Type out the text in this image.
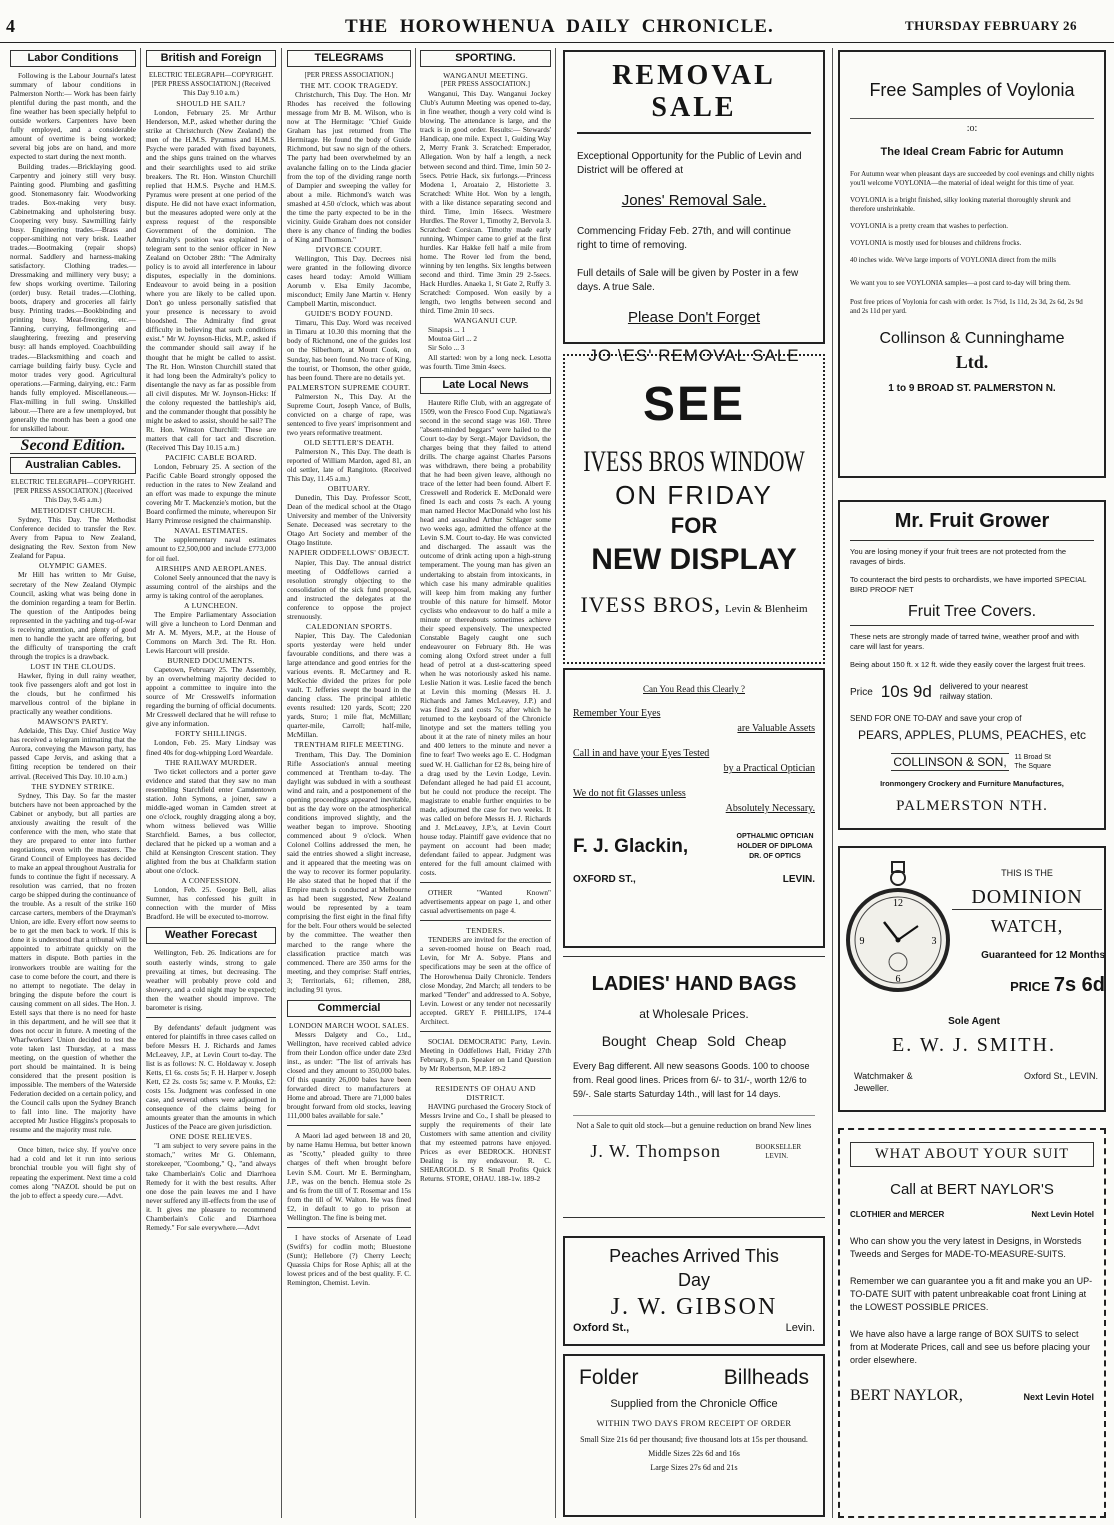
4	THE HOROWHENUA DAILY CHRONICLE.	THURSDAY FEBRUARY 26
Labor Conditions

Following is the Labour Journal's latest summary of labour conditions in Palmerston North:— Work has been fairly plentiful during the past month, and the fine weather has been specially helpful to outside workers. Carpenters have been fully employed, and a considerable amount of overtime is being worked; several big jobs are on hand, and more expected to start during the next month.

Building trades.—Bricklaying good. Carpentry and joinery still very busy. Painting good. Plumbing and gasfitting good. Stonemasonry fair. Woodworking trades. Box-making very busy. Cabinetmaking and upholstering busy. Coopering very busy. Sawmilling fairly busy. Engineering trades.—Brass and copper-smithing not very brisk. Leather trades.—Bootmaking (repair shops) normal. Saddlery and harness-making satisfactory. Clothing trades.—Dressmaking and millinery very busy; a few shops working overtime. Tailoring (order) busy. Retail trades.—Clothing, boots, drapery and groceries all fairly busy. Printing trades.—Bookbinding and printing busy. Meat-freezing, etc.—Tanning, currying, fellmongering and slaughtering, freezing and preserving busy: all hands employed. Coachbuilding trades.—Blacksmithing and coach and carriage building fairly busy. Cycle and motor trades very good. Agricultural operations.—Farming, dairying, etc.: Farm hands fully employed. Miscellaneous.—Flax-milling in full swing. Unskilled labour.—There are a few unemployed, but generally the month has been a good one for unskilled labour.

Second Edition.
Australian Cables.

ELECTRIC TELEGRAPH—COPYRIGHT. [PER PRESS ASSOCIATION.] (Received This Day, 9.45 a.m.)

METHODIST CHURCH.

Sydney, This Day. The Methodist Conference decided to transfer the Rev. Avery from Papua to New Zealand, designating the Rev. Sexton from New Zealand for Papua.

OLYMPIC GAMES.

Mr Hill has written to Mr Guise, secretary of the New Zealand Olympic Council, asking what was being done in the dominion regarding a team for Berlin. The question of the Antipodes being represented in the yachting and tug-of-war is receiving attention, and plenty of good men to handle the yacht are offering, but the difficulty of transporting the craft through the tropics is a drawback.

LOST IN THE CLOUDS.

Hawker, flying in dull rainy weather, took five passengers aloft and got lost in the clouds, but he confirmed his marvellous control of the biplane in practically any weather conditions.

MAWSON'S PARTY.

Adelaide, This Day. Chief Justice Way has received a telegram intimating that the Aurora, conveying the Mawson party, has passed Cape Jervis, and asking that a fitting reception be tendered on their arrival. (Received This Day. 10.10 a.m.)

THE SYDNEY STRIKE.

Sydney, This Day. So far the master butchers have not been approached by the Cabinet or anybody, but all parties are anxiously awaiting the result of the conference with the men, who state that they are prepared to enter into further negotiations, even with the masters. The Grand Council of Employees has decided to make an appeal throughout Australia for funds to continue the fight if necessary. A resolution was carried, that no frozen cargo be shipped during the continuance of the trouble. As a result of the strike 160 carcase carters, members of the Drayman's Union, are idle. Every effort now seems to be to get the men back to work. If this is done it is understood that a tribunal will be appointed to arbitrate quickly on the matters in dispute. Both parties in the ironworkers trouble are waiting for the case to come before the court, and there is no attempt to negotiate. The delay in bringing the dispute before the court is causing comment on all sides. The Hon. J. Estell says that there is no need for haste in this department, and he will see that it does not occur in future. A meeting of the Wharfworkers' Union decided to test the vote taken last Thursday, at a mass meeting, on the question of whether the port should be maintained. It is being considered that the present position is impossible. The members of the Waterside Federation decided on a certain policy, and the Council calls upon the Sydney Branch to fall into line. The majority have accepted Mr Justice Higgins's proposals to resume and the majority must rule.

Once bitten, twice shy. If you've once had a cold and let it run into serious bronchial trouble you will fight shy of repeating the experiment. Next time a cold comes along "NAZOL should be put on the job to effect a speedy cure.—Advt.

British and Foreign

ELECTRIC TELEGRAPH—COPYRIGHT. [PER PRESS ASSOCIATION.] (Received This Day 9.10 a.m.)

SHOULD HE SAIL?

London, February 25. Mr Arthur Henderson, M.P., asked whether during the strike at Christchurch (New Zealand) the men of the H.M.S. Pyramus and H.M.S. Psyche were paraded with fixed bayonets, and the ships guns trained on the wharves and their searchlights used to aid strike breakers. The Rt. Hon. Winston Churchill replied that H.M.S. Psyche and H.M.S. Pyramus were present at one period of the dispute. He did not have exact information, but the measures adopted were only at the express request of the responsible Government of the dominion. The Admiralty's position was explained in a telegram sent to the senior officer in New Zealand on October 28th: "The Admiralty policy is to avoid all interference in labour disputes, especially in the dominions. Endeavour to avoid being in a position where you are likely to be called upon. Don't go unless personally satisfied that your presence is necessary to avoid bloodshed. The Admiralty find great difficulty in believing that such conditions exist." Mr W. Joynson-Hicks, M.P., asked if the commander should sail away if he thought that he might be called to assist. The Rt. Hon. Winston Churchill stated that it had long been the Admiralty's policy to disentangle the navy as far as possible from all civil disputes. Mr W. Joynson-Hicks: If the colony requested the battleship's aid, and the commander thought that possibly he might be asked to assist, should he sail? The Rt. Hon. Winston Churchill: These are matters that call for tact and discretion. (Received This Day 10.15 a.m.)

PACIFIC CABLE BOARD.

London, February 25. A section of the Pacific Cable Board strongly opposed the reduction in the rates to New Zealand and an effort was made to expunge the minute covering Mr T. Mackenzie's motion, but the Board confirmed the minute, whereupon Sir Harry Primrose resigned the chairmanship.

NAVAL ESTIMATES.

The supplementary naval estimates amount to £2,500,000 and include £773,000 for oil fuel.

AIRSHIPS AND AEROPLANES.

Colonel Seely announced that the navy is assuming control of the airships and the army is taking control of the aeroplanes.

A LUNCHEON.

The Empire Parliamentary Association will give a luncheon to Lord Denman and Mr A. M. Myers, M.P., at the House of Commons on March 3rd. The Rt. Hon. Lewis Harcourt will preside.

BURNED DOCUMENTS.

Capetown, February 25. The Assembly, by an overwhelming majority decided to appoint a committee to inquire into the source of Mr Cresswell's information regarding the burning of official documents. Mr Cresswell declared that he will refuse to give any information.

FORTY SHILLINGS.

London, Feb. 25. Mary Lindsay was fined 40s for dog-whipping Lord Weardale.

THE RAILWAY MURDER.

Two ticket collectors and a porter gave evidence and stated that they saw no man resembling Starchfield enter Camdentown station. John Symons, a joiner, saw a middle-aged woman in Camden street at one o'clock, roughly dragging along a boy, whom witness believed was Willie Starchfield. Barnes, a bus collector, declared that he picked up a woman and a child at Kensington Crescent station. They alighted from the bus at Chalkfarm station about one o'clock.

A CONFESSION.

London, Feb. 25. George Bell, alias Sumner, has confessed his guilt in connection with the murder of Miss Bradford. He will be executed to-morrow.

Weather Forecast

Wellington, Feb. 26. Indications are for south easterly winds, strong to gale prevailing at times, but decreasing. The weather will probably prove cold and showery, and a cold night may be expected; then the weather should improve. The barometer is rising.

By defendants' default judgment was entered for plaintiffs in three cases called on before Messrs H. J. Richards and James McLeavey, J.P., at Levin Court to-day. The list is as follows: N. C. Holdaway v. Joseph Ketts, £1 6s. costs 5s; F. H. Harper v. Joseph Kett, £2 2s. costs 5s; same v. P. Mouks, £2: costs 15s. Judgment was confessed in one case, and several others were adjourned in consequence of the claims being for amounts greater than the amounts in which Justices of the Peace are given jurisdiction.

ONE DOSE RELIEVES.

"I am subject to very severe pains in the stomach," writes Mr G. Ohlemann, storekeeper, "Coombong," Q., "and always take Chamberlain's Colic and Diarrhoea Remedy for it with the best results. After one dose the pain leaves me and I have never suffered any ill-effects from the use of it. It gives me pleasure to recommend Chamberlain's Colic and Diarrhoea Remedy." For sale everywhere.—Advt

TELEGRAMS

[PER PRESS ASSOCIATION.]

THE MT. COOK TRAGEDY.

Christchurch, This Day. The Hon. Mr Rhodes has received the following message from Mr B. M. Wilson, who is now at The Hermitage: "Chief Guide Graham has just returned from The Hermitage. He found the body of Guide Richmond, but saw no sign of the others. The party had been overwhelmed by an avalanche falling on to the Linda glacier from the top of the dividing range north of Dampier and sweeping the valley for about a mile. Richmond's watch was smashed at 4.50 o'clock, which was about the time the party expected to be in the vicinity. Guide Graham does not consider there is any chance of finding the bodies of King and Thomson."

DIVORCE COURT.

Wellington, This Day. Decrees nisi were granted in the following divorce cases heard today: Arnold William Aorumb v. Elsa Emily Jacombe, misconduct; Emily Jane Martin v. Henry Campbell Martin, misconduct.

GUIDE'S BODY FOUND.

Timaru, This Day. Word was received in Timaru at 10.30 this morning that the body of Richmond, one of the guides lost on the Silberhorn, at Mount Cook, on Sunday, has been found. No trace of King, the tourist, or Thomson, the other guide, has been found. There are no details yet.

PALMERSTON SUPREME COURT.

Palmerston N., This Day. At the Supreme Court, Joseph Vance, of Bulls, convicted on a charge of rape, was sentenced to five years' imprisonment and two years reformative treatment.

OLD SETTLER'S DEATH.

Palmerston N., This Day. The death is reported of William Mardon, aged 81, an old settler, late of Rangitoto. (Received This Day, 11.45 a.m.)

OBITUARY.

Dunedin, This Day. Professor Scott, Dean of the medical school at the Otago University and member of the University Senate. Deceased was secretary to the Otago Art Society and member of the Otago Institute.

NAPIER ODDFELLOWS' OBJECT.

Napier, This Day. The annual district meeting of Oddfellows carried a resolution strongly objecting to the consolidation of the sick fund proposal, and instructed the delegates at the conference to oppose the project strenuously.

CALEDONIAN SPORTS.

Napier, This Day. The Caledonian sports yesterday were held under favourable conditions, and there was a large attendance and good entries for the various events. R. McCartney and R. McKechie divided the prizes for pole vault. T. Jefferies swept the board in the dancing class. The principal athletic events resulted: 120 yards, Scott; 220 yards, Sturo; 1 mile flat, McMillan; quarter-mile, Carroll; half-mile, McMillan.

TRENTHAM RIFLE MEETING.

Trentham, This Day. The Dominion Rifle Association's annual meeting commenced at Trentham to-day. The daylight was subdued in with a southeast wind and rain, and a postponement of the opening proceedings appeared inevitable, but as the day wore on the atmospherical conditions improved slightly, and the weather began to improve. Shooting commenced about 9 o'clock. When Colonel Collins addressed the men, he said the entries showed a slight increase, and it appeared that the meeting was on the way to recover its former popularity. He also stated that he hoped that if the Empire match is conducted at Melbourne as had been suggested, New Zealand would be represented by a team comprising the first eight in the final fifty for the belt. Four others would be selected by the committee. The weather then marched to the range where the classification practice match was commenced. There are 350 arms for the meeting, and they comprise: Staff entries, 3; Territorials, 61; riflemen, 288, including 91 tyros.

Commercial

LONDON MARCH WOOL SALES.

Messrs Dalgety and Co., Ltd., Wellington, have received cabled advice from their London office under date 23rd inst., as under: "The list of arrivals has closed and they amount to 350,000 bales. Of this quantity 26,000 bales have been forwarded direct to manufacturers at Home and abroad. There are 71,000 bales brought forward from old stocks, leaving 111,000 bales available for sale."

A Maori lad aged between 18 and 20, by name Hamu Hemua, but better known as "Scotty," pleaded guilty to three charges of theft when brought before Levin S.M. Court. Mr E. Bermingham, J.P., was on the bench. Hemua stole 2s and 6s from the till of T. Rosemar and 15s from the till of W. Walton. He was fined £2, in default to go to prison at Wellington. The fine is being met.

I have stocks of Arsenate of Lead (Swift's) for codlin moth; Bluestone (Sunt); Hellebore (?) Cherry Leech; Quassia Chips for Rose Aphis; all at the lowest prices and of the best quality. F. C. Remington, Chemist. Levin.

SPORTING.

WANGANUI MEETING.

[PER PRESS ASSOCIATION.]

Wanganui, This Day. Wanganui Jockey Club's Autumn Meeting was opened to-day, in fine weather, though a very cold wind is blowing. The attendance is large, and the track is in good order. Results:— Stewards' Handicap, one mile. Expect 1, Guiding Way 2, Merry Frank 3. Scratched: Emperador, Allegation. Won by half a length, a neck between second and third. Time, 1min 50 2-5secs. Petrie Hack, six furlongs.—Princess Modena 1, Aroataio 2, Historiette 3. Scratched: White Hot. Won by a length, with a like distance separating second and third. Time, 1min 16secs. Westmere Hurdles. The Rover 1, Timothy 2, Bervola 3. Scratched: Corsican. Timothy made early running. Whimper came to grief at the first hurdles. Kar Hakke fell half a mile from home. The Rover led from the bend, winning by ten lengths. Six lengths between second and third. Time 3min 29 2-5secs. Hack Hurdles. Anaeka 1, St Gate 2, Ruffy 3. Scratched: Composed. Won easily by a length, two lengths between second and third. Time 2min 10 secs.

WANGANUI CUP.

Sinapsis ... 1

Moutoa Girl ... 2

Sir Solo ... 3

All started: won by a long neck. Lesotta was fourth. Time 3min 4secs.

Late Local News

Hautere Rifle Club, with an aggregate of 1509, won the Fresco Food Cup. Ngatiawa's second in the second stage was 160. Three "absent-minded beggars" were hailed to the Court to-day by Sergt.-Major Davidson, the charges being that they failed to attend drills. The charge against Charles Parsons was withdrawn, there being a probability that he had been given leave, although no trace of the letter had been found. Albert F. Cresswell and Roderick E. McDonald were fined 1s each and costs 7s each. A young man named Hector MacDonald who lost his head and assaulted Arthur Schlager some two weeks ago, admitted the offence at the Levin S.M. Court to-day. He was convicted and discharged. The assault was the outcome of drink acting upon a high-strung temperament. The young man has given an undertaking to abstain from intoxicants, in which case his many admirable qualities will keep him from making any further trouble of this nature for himself. Motor cyclists who endeavour to do half a mile a minute or thereabouts sometimes achieve their speed expensively. The unexpected Constable Bagely caught one such endeavourer on February 8th. He was coming along Oxford street under a full head of petrol at a dust-scattering speed when he was notoriously asked his name. Leslie Nation it was. Leslie faced the bench at Levin this morning (Messrs H. J. Richards and James McLeavey, J.P.) and was fined 2s and costs 7s; after which he returned to the keyboard of the Chronicle linotype and set the matters telling you about it at the rate of ninety miles an hour and 400 letters to the minute and never a fine to fear! Two weeks ago E. C. Hodgman sued W. H. Gallichan for £2 8s, being hire of a drag used by the Levin Lodge, Levin. Defendant alleged he had paid £1 account, but he could not produce the receipt. The magistrate to enable further enquiries to be made, adjourned the case for two weeks. It was called on before Messrs H. J. Richards and J. McLeavey, J.P.'s, at Levin Court house today. Plaintiff gave evidence that no payment on account had been made; defendant failed to appear. Judgment was entered for the full amount claimed with costs.

OTHER "Wanted Known" advertisements appear on page 1, and other casual advertisements on page 4.

TENDERS.

TENDERS are invited for the erection of a seven-roomed house on Beach road, Levin, for Mr A. Sobye. Plans and specifications may be seen at the office of The Horowhenua Daily Chronicle. Tenders close Monday, 2nd March; all tenders to be marked "Tender" and addressed to A. Sobye, Levin. Lowest or any tender not necessarily accepted. GREY F. PHILLIPS, 174-4 Architect.

SOCIAL DEMOCRATIC Party, Levin. Meeting in Oddfellows Hall, Friday 27th February, 8 p.m. Speaker on Land Question by Mr Robertson, M.P. 189-2

RESIDENTS OF OHAU AND DISTRICT.

HAVING purchased the Grocery Stock of Messrs Irvine and Co., I shall be pleased to supply the requirements of their late Customers with same attention and civility that my esteemed patrons have enjoyed. Prices as ever BEDROCK. HONEST Dealing is my endeavour. R. C. SHEARGOLD. S R Small Profits Quick Returns. STORE, OHAU. 188-1w. 189-2

REMOVAL SALE

Exceptional Opportunity for the Public of Levin and District will be offered at

Jones' Removal Sale.

Commencing Friday Feb. 27th, and will continue right to time of removing.

Full details of Sale will be given by Poster in a few days. A true Sale.

Please Don't Forget

JO \ES' REMOVAL SALE

SEE

IVESS BROS WINDOW

ON FRIDAY

FOR

NEW DISPLAY

IVESS BROS, Levin & Blenheim

Can You Read this Clearly ?

Remember Your Eyes

are Valuable Assets

Call in and have your Eyes Tested

by a Practical Optician

We do not fit Glasses unless

Absolutely Necessary.

F. J. Glackin,	OPTHALMIC OPTICIAN HOLDER OF DIPLOMA DR. OF OPTICS
OXFORD ST.,	LEVIN.

LADIES' HAND BAGS

at Wholesale Prices.

Bought Cheap Sold Cheap

Every Bag different. All new seasons Goods. 100 to choose from. Real good lines. Prices from 6/- to 31/-, worth 12/6 to 59/-. Sale starts Saturday 14th., will last for 14 days.

Not a Sale to quit old stock—but a genuine reduction on brand New lines

J. W. Thompson	BOOKSELLER LEVIN.

Peaches Arrived This

Day

J. W. GIBSON

Oxford St.,	Levin.
Folder	Billheads

Supplied from the Chronicle Office

WITHIN TWO DAYS FROM RECEIPT OF ORDER

Small Size 21s 6d per thousand; five thousand lots at 15s per thousand.

Middle Sizes 22s 6d and 16s

Large Sizes 27s 6d and 21s

Free Samples of Voylonia

:o:

The Ideal Cream Fabric for Autumn

For Autumn wear when pleasant days are succeeded by cool evenings and chilly nights you'll welcome VOYLONIA—the material of ideal weight for this time of year.

VOYLONIA is a bright finished, silky looking material thoroughly shrunk and therefore unshrinkable.

VOYLONIA is a pretty cream that washes to perfection.

VOYLONIA is mostly used for blouses and childrens frocks.

40 inches wide. We've large imports of VOYLONIA direct from the mills

We want you to see VOYLONIA samples—a post card to-day will bring them.

Post free prices of Voylonia for cash with order. 1s 7½d, 1s 11d, 2s 3d, 2s 6d, 2s 9d and 2s 11d per yard.

Collinson & Cunninghame

Ltd.

1 to 9 BROAD ST. PALMERSTON N.

Mr. Fruit Grower

You are losing money if your fruit trees are not protected from the ravages of birds.

To counteract the bird pests to orchardists, we have imported SPECIAL BIRD PROOF NET

Fruit Tree Covers.

These nets are strongly made of tarred twine, weather proof and with care will last for years.

Being about 150 ft. x 12 ft. wide they easily cover the largest fruit trees.

Price 10s 9d delivered to your nearest railway station.

SEND FOR ONE TO-DAY and save your crop of

PEARS, APPLES, PLUMS, PEACHES, etc

COLLINSON & SON, 11 Broad St The Square

Ironmongery Crockery and Furniture Manufactures,

PALMERSTON NTH.

12
3
6
9

THIS IS THE

DOMINION

WATCH,

Guaranteed for 12 Months

PRICE 7s 6d

Sole Agent

E. W. J. SMITH.

Watchmaker & Jeweller.

Oxford St., LEVIN.

WHAT ABOUT YOUR SUIT

Call at BERT NAYLOR'S

CLOTHIER and MERCER	Next Levin Hotel

Who can show you the very latest in Designs, in Worsteds Tweeds and Serges for MADE-TO-MEASURE-SUITS.

Remember we can guarantee you a fit and make you an UP-TO-DATE SUIT with patent unbreakable coat front Lining at the LOWEST POSSIBLE PRICES.

We have also have a large range of BOX SUITS to select from at Moderate Prices, call and see us before placing your order elsewhere.

BERT NAYLOR,	Next Levin Hotel
